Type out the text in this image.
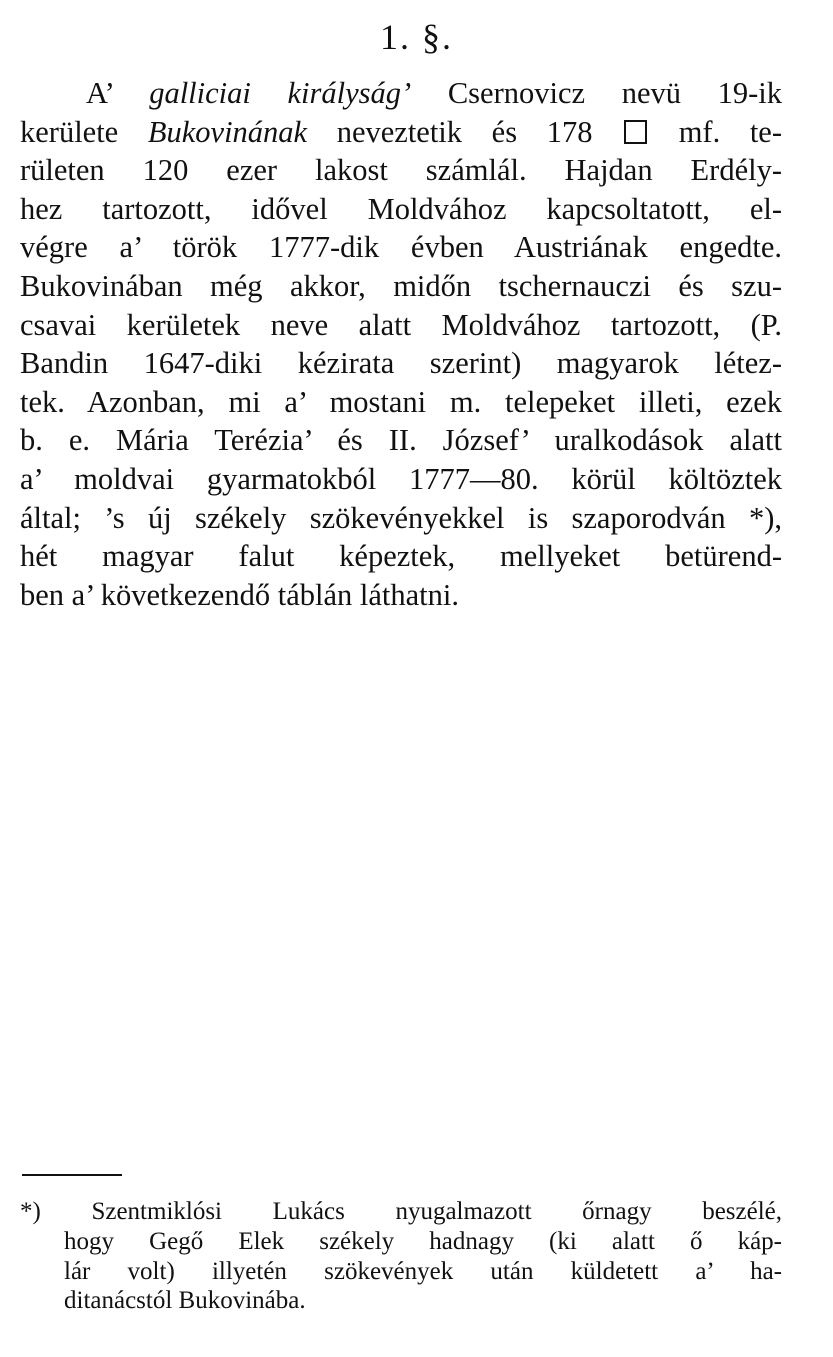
1. §.
A’ galliciai királyság’ Csernovicz nevü 19-ik
kerülete Bukovinának neveztetik és 178  mf. te-
rületen 120 ezer lakost számlál. Hajdan Erdély-
hez tartozott, idővel Moldvához kapcsoltatott, el-
végre a’ török 1777-dik évben Austriának engedte.
Bukovinában még akkor, midőn tschernauczi és szu-
csavai kerületek neve alatt Moldvához tartozott, (P.
Bandin 1647-diki kézirata szerint) magyarok létez-
tek. Azonban, mi a’ mostani m. telepeket illeti, ezek
b. e. Mária Terézia’ és II. József’ uralkodások alatt
a’ moldvai gyarmatokból 1777—80. körül költöztek
által; ’s új székely szökevényekkel is szaporodván *),
hét magyar falut képeztek, mellyeket betürend-
ben a’ következendő táblán láthatni.
*) Szentmiklósi Lukács nyugalmazott őrnagy beszélé,
hogy Gegő Elek székely hadnagy (ki alatt ő káp-
lár volt) illyetén szökevények után küldetett a’ ha-
ditanácstól Bukovinába.
